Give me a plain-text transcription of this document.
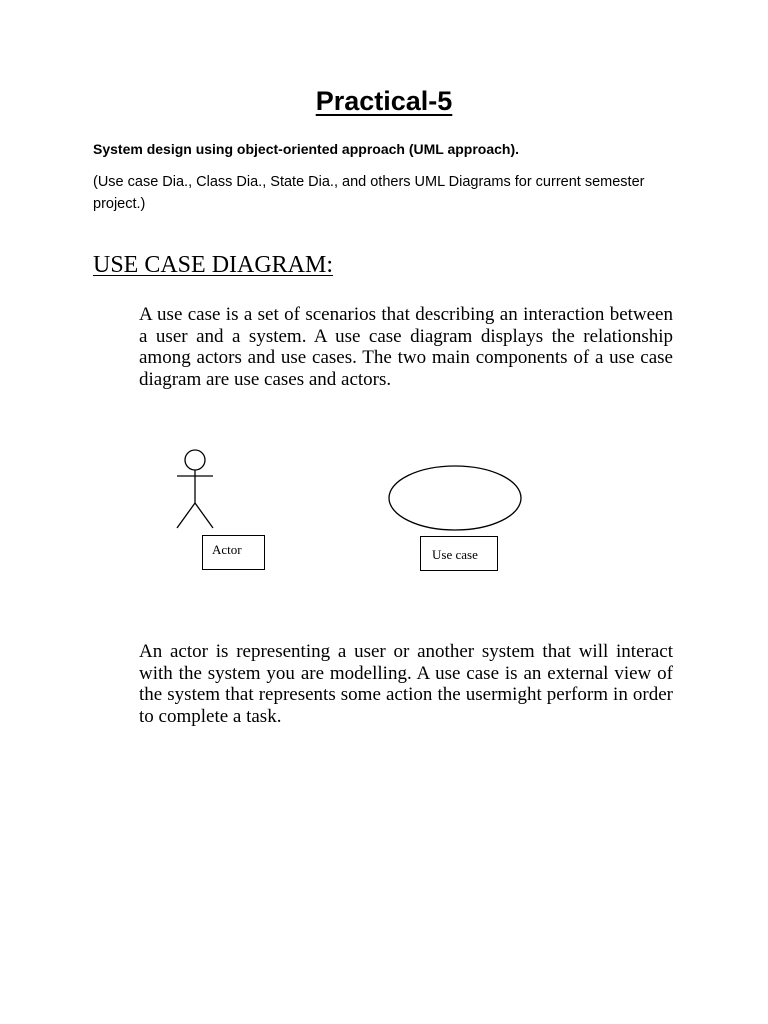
Practical-5

System design using object-oriented approach (UML approach).

(Use case Dia., Class Dia., State Dia., and others UML Diagrams for current semester project.)

USE CASE DIAGRAM:

A use case is a set of scenarios that describing an interaction between a user and a system. A use case diagram displays the relationship among actors and use cases. The two main components of a use case diagram are use cases and actors.

Actor	Use case

An actor is representing a user or another system that will interact with the system you are modelling. A use case is an external view of the system that represents some action the usermight perform in order to complete a task.
